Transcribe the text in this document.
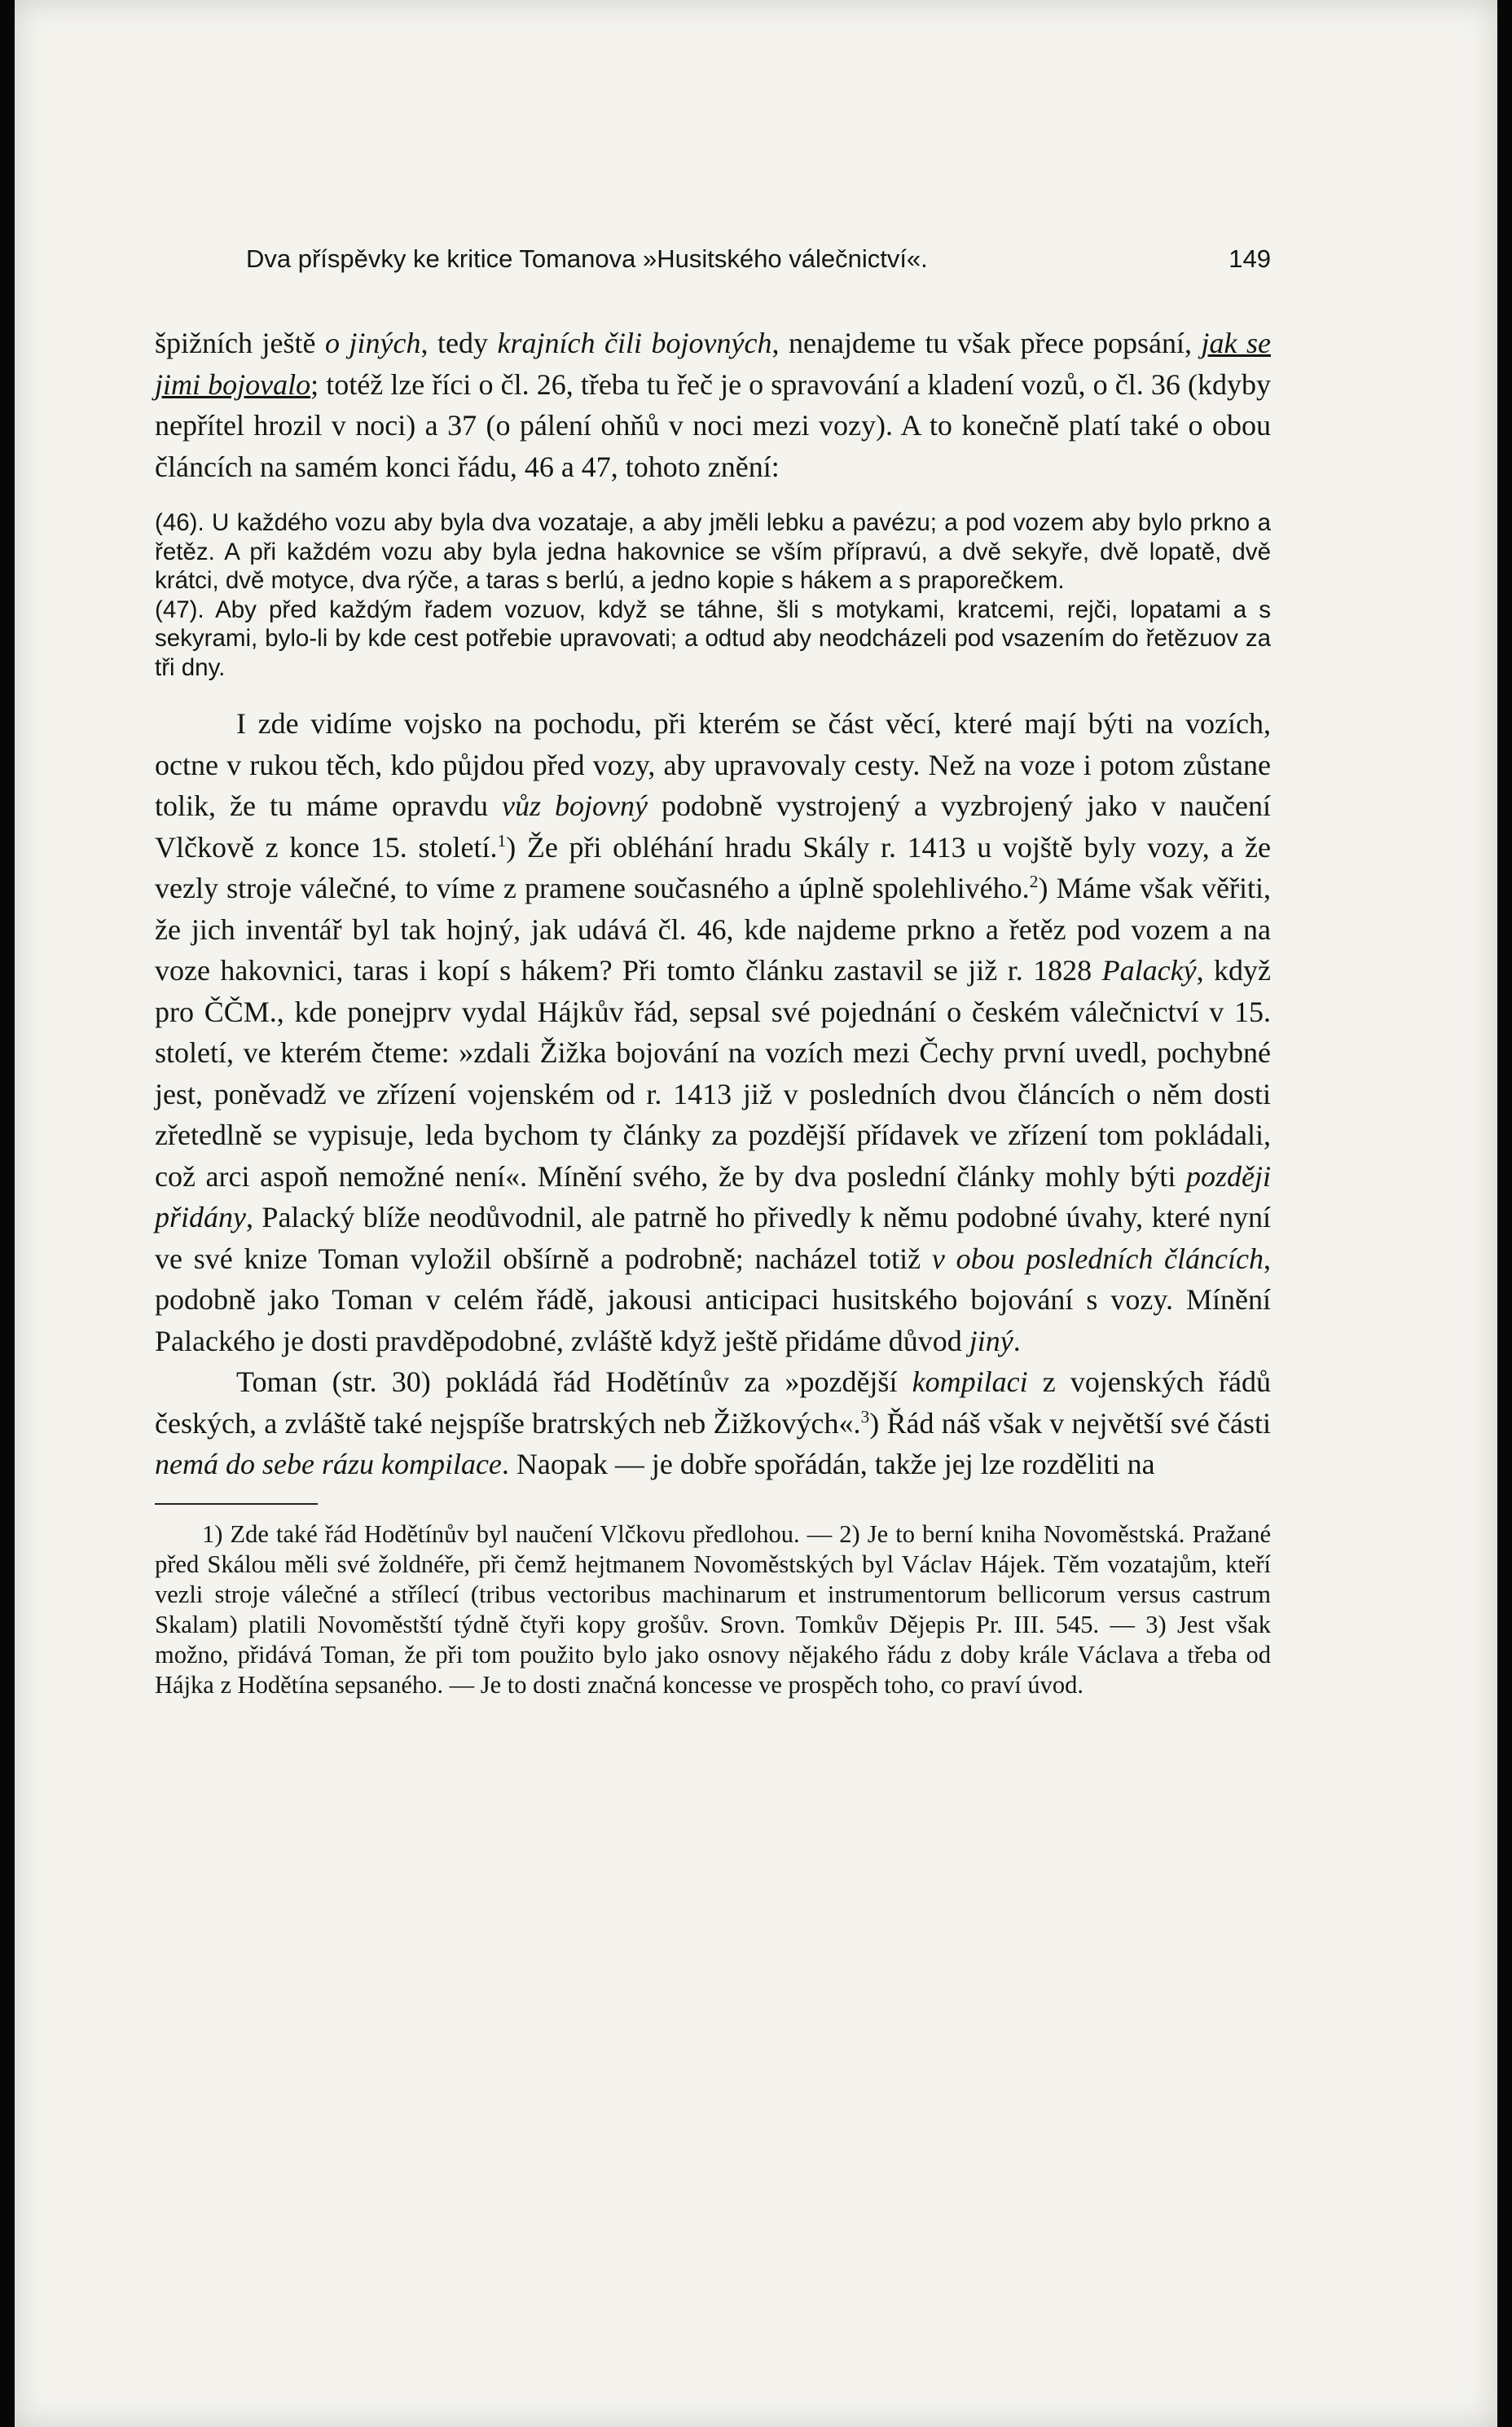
Dva příspěvky ke kritice Tomanova »Husitského válečnictví«.	149

špižních ještě o jiných, tedy krajních čili bojovných, nenajdeme tu však přece popsání, jak se jimi bojovalo; totéž lze říci o čl. 26, třeba tu řeč je o spravování a kladení vozů, o čl. 36 (kdyby nepřítel hrozil v noci) a 37 (o pálení ohňů v noci mezi vozy). A to konečně platí také o obou článcích na samém konci řádu, 46 a 47, tohoto znění:

(46). U každého vozu aby byla dva vozataje, a aby jměli lebku a pavézu; a pod vozem aby bylo prkno a řetěz. A při každém vozu aby byla jedna hakovnice se vším přípravú, a dvě sekyře, dvě lopatě, dvě krátci, dvě motyce, dva rýče, a taras s berlú, a jedno kopie s hákem a s praporečkem.

(47). Aby před každým řadem vozuov, když se táhne, šli s motykami, kratcemi, rejči, lopatami a s sekyrami, bylo-li by kde cest potřebie upravovati; a odtud aby neodcházeli pod vsazením do řetězuov za tři dny.

I zde vidíme vojsko na pochodu, při kterém se část věcí, které mají býti na vozích, octne v rukou těch, kdo půjdou před vozy, aby upravovaly cesty. Než na voze i potom zůstane tolik, že tu máme opravdu vůz bojovný podobně vystrojený a vyzbrojený jako v naučení Vlčkově z konce 15. století.$^1$) Že při obléhání hradu Skály r. 1413 u vojště byly vozy, a že vezly stroje válečné, to víme z pramene současného a úplně spolehlivého.$^2$) Máme však věřiti, že jich inventář byl tak hojný, jak udává čl. 46, kde najdeme prkno a řetěz pod vozem a na voze hakovnici, taras i kopí s hákem? Při tomto článku zastavil se již r. 1828 Palacký, když pro ČČM., kde ponejprv vydal Hájkův řád, sepsal své pojednání o českém válečnictví v 15. století, ve kterém čteme: »zdali Žižka bojování na vozích mezi Čechy první uvedl, pochybné jest, poněvadž ve zřízení vojenském od r. 1413 již v posledních dvou článcích o něm dosti zřetedlně se vypisuje, leda bychom ty články za pozdější přídavek ve zřízení tom pokládali, což arci aspoň nemožné není«. Mínění svého, že by dva poslední články mohly býti později přidány, Palacký blíže neodůvodnil, ale patrně ho přivedly k němu podobné úvahy, které nyní ve své knize Toman vyložil obšírně a podrobně; nacházel totiž v obou posledních článcích, podobně jako Toman v celém řádě, jakousi anticipaci husitského bojování s vozy. Mínění Palackého je dosti pravděpodobné, zvláště když ještě přidáme důvod jiný.

Toman (str. 30) pokládá řád Hodětínův za »pozdější kompilaci z vojenských řádů českých, a zvláště také nejspíše bratrských neb Žižkových«.$^3$) Řád náš však v největší své části nemá do sebe rázu kompilace. Naopak — je dobře spořádán, takže jej lze rozděliti na

1) Zde také řád Hodětínův byl naučení Vlčkovu předlohou. — 2) Je to berní kniha Novoměstská. Pražané před Skálou měli své žoldnéře, při čemž hejtmanem Novoměstských byl Václav Hájek. Těm vozatajům, kteří vezli stroje válečné a střílecí (tribus vectoribus machinarum et instrumentorum bellicorum versus castrum Skalam) platili Novoměstští týdně čtyři kopy grošův. Srovn. Tomkův Dějepis Pr. III. 545. — 3) Jest však možno, přidává Toman, že při tom použito bylo jako osnovy nějakého řádu z doby krále Václava a třeba od Hájka z Hodětína sepsaného. — Je to dosti značná koncesse ve prospěch toho, co praví úvod.
